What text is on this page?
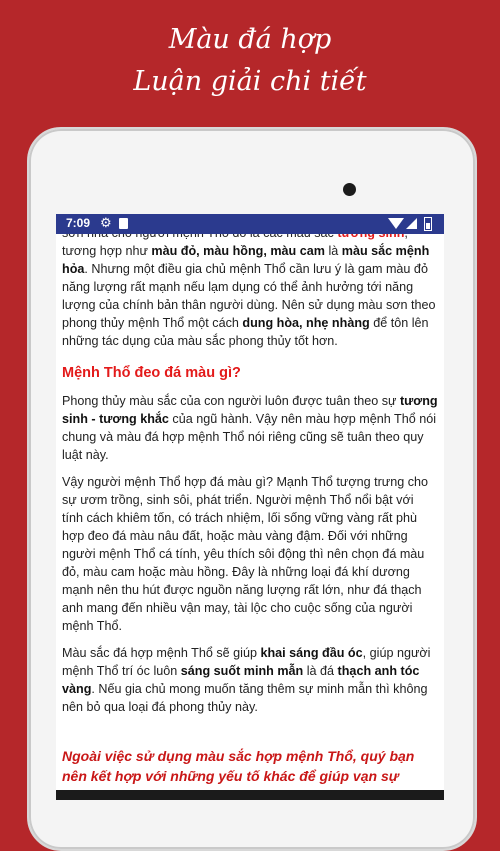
Màu đá hợp
Luận giải chi tiết

tương hợp như màu đỏ, màu hồng, màu cam là màu sắc mệnh hỏa. Nhưng một điều gia chủ mệnh Thổ cần lưu ý là gam màu đỏ năng lượng rất mạnh nếu lạm dụng có thể ảnh hưởng tới năng lượng của chính bản thân người dùng. Nên sử dụng màu sơn theo phong thủy mệnh Thổ một cách dung hòa, nhẹ nhàng để tôn lên những tác dụng của màu sắc phong thủy tốt hơn.

Mệnh Thổ đeo đá màu gì?

Phong thủy màu sắc của con người luôn được tuân theo sự tương sinh - tương khắc của ngũ hành. Vậy nên màu hợp mệnh Thổ nói chung và màu đá hợp mệnh Thổ nói riêng cũng sẽ tuân theo quy luật này.

Vậy người mệnh Thổ hợp đá màu gì? Mạnh Thổ tượng trưng cho sự ươm trồng, sinh sôi, phát triển. Người mệnh Thổ nổi bật với tính cách khiêm tốn, có trách nhiệm, lối sống vững vàng rất phù hợp đeo đá màu nâu đất, hoặc màu vàng đậm. Đối với những người mệnh Thổ cá tính, yêu thích sôi động thì nên chọn đá màu đỏ, màu cam hoặc màu hồng. Đây là những loại đá khí dương mạnh nên thu hút được nguồn năng lượng rất lớn, như đá thạch anh mang đến nhiều vận may, tài lộc cho cuộc sống của người mệnh Thổ.

Màu sắc đá hợp mệnh Thổ sẽ giúp khai sáng đầu óc, giúp người mệnh Thổ trí óc luôn sáng suốt minh mẫn là đá thạch anh tóc vàng. Nếu gia chủ mong muốn tăng thêm sự minh mẫn thì không nên bỏ qua loại đá phong thủy này.

Ngoài việc sử dụng màu sắc hợp mệnh Thổ, quý bạn nên kết hợp với những yếu tố khác để giúp vạn sự

7:09 ⚙
